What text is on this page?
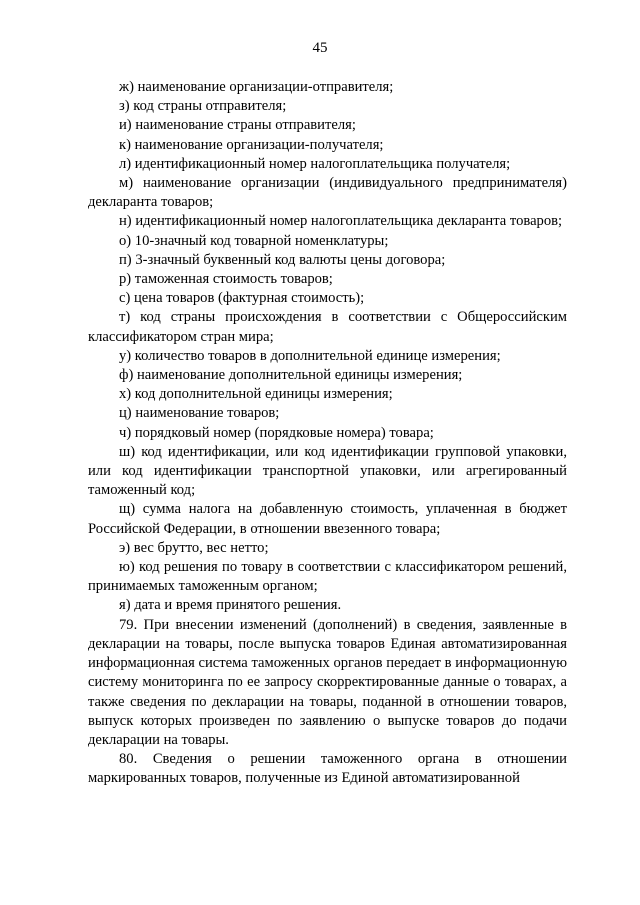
45

ж) наименование организации-отправителя;

з) код страны отправителя;

и) наименование страны отправителя;

к) наименование организации-получателя;

л) идентификационный номер налогоплательщика получателя;

м) наименование организации (индивидуального предпринимателя) декларанта товаров;

н) идентификационный номер налогоплательщика декларанта товаров;

о) 10-значный код товарной номенклатуры;

п) 3-значный буквенный код валюты цены договора;

р) таможенная стоимость товаров;

с) цена товаров (фактурная стоимость);

т) код страны происхождения в соответствии с Общероссийским классификатором стран мира;

у) количество товаров в дополнительной единице измерения;

ф) наименование дополнительной единицы измерения;

х) код дополнительной единицы измерения;

ц) наименование товаров;

ч) порядковый номер (порядковые номера) товара;

ш) код идентификации, или код идентификации групповой упаковки, или код идентификации транспортной упаковки, или агрегированный таможенный код;

щ) сумма налога на добавленную стоимость, уплаченная в бюджет Российской Федерации, в отношении ввезенного товара;

э) вес брутто, вес нетто;

ю) код решения по товару в соответствии с классификатором решений, принимаемых таможенным органом;

я) дата и время принятого решения.

79. При внесении изменений (дополнений) в сведения, заявленные в декларации на товары, после выпуска товаров Единая автоматизированная информационная система таможенных органов передает в информационную систему мониторинга по ее запросу скорректированные данные о товарах, а также сведения по декларации на товары, поданной в отношении товаров, выпуск которых произведен по заявлению о выпуске товаров до подачи декларации на товары.

80. Сведения о решении таможенного органа в отношении маркированных товаров, полученные из Единой автоматизированной
